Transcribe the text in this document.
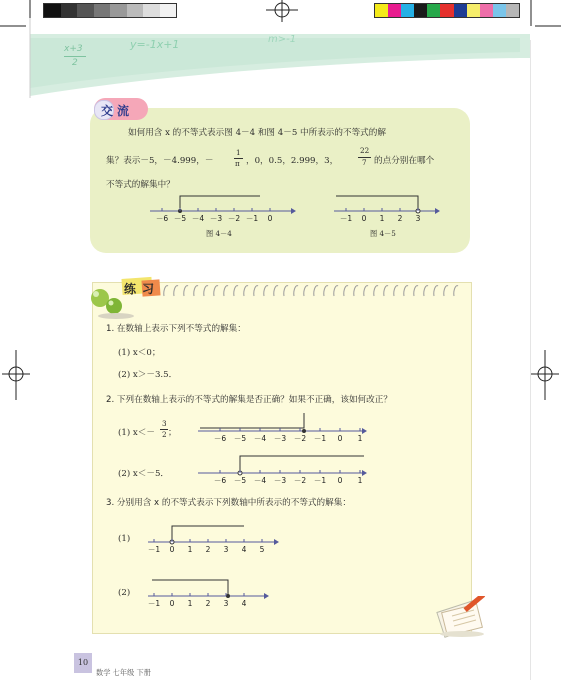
x+3
2
y=-1x+1	m>-1
交流
如何用含 x 的不等式表示图 4－4 和图 4－5 中所表示的不等式的解
集？表示－5，－4.999，－
1
π ，0，0.5，2.999，3，
22
7 的点分别在哪个
不等式的解集中？
－6 －5 －4 －3 －2 －1 0
图 4－4
－1 0 1 2 3
图 4－5
练习
1. 在数轴上表示下列不等式的解集：
(1) x＜0；
(2) x＞－3.5．
2. 下列在数轴上表示的不等式的解集是否正确？如果不正确，该如何改正？
(1) x＜－
3
2 ；
－6 －5 －4 －3 －2 －1 0 1
(2) x＜－5．
－6 －5 －4 －3 －2 －1 0 1
3. 分别用含 x 的不等式表示下列数轴中所表示的不等式的解集：
(1)
－1 0 1 2 3 4 5
(2)
－1 0 1 2 3 4
10
数学 七年级 下册
